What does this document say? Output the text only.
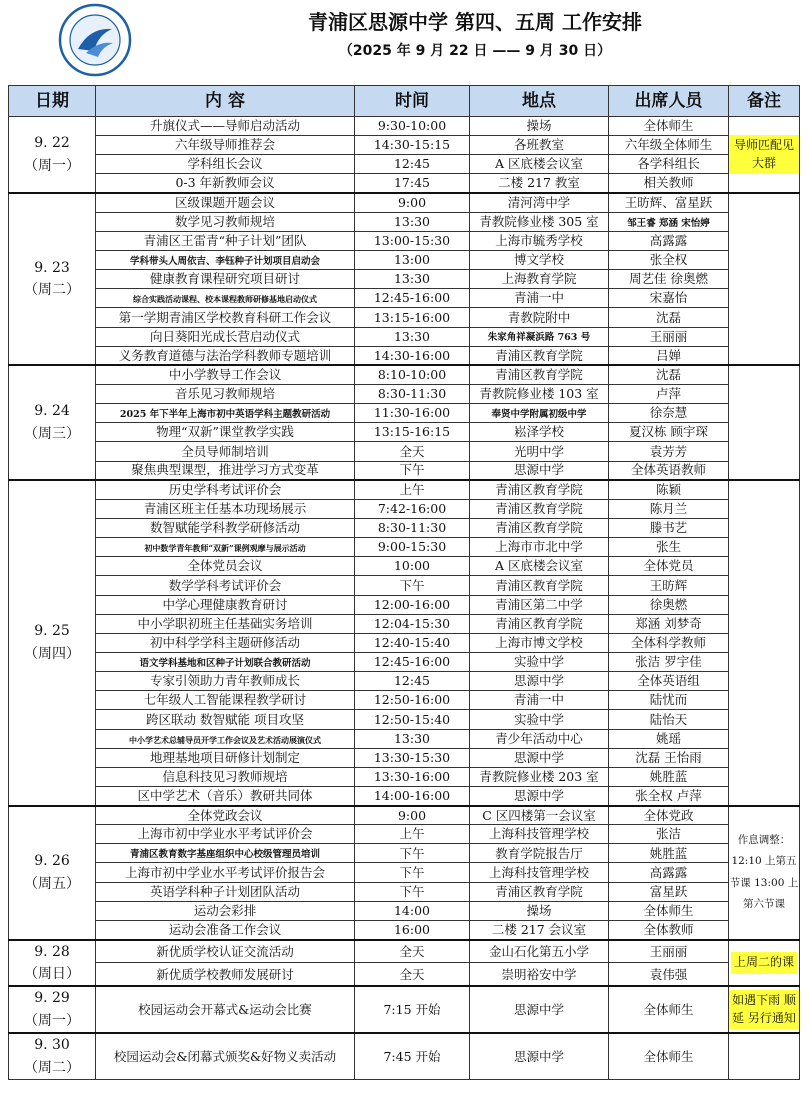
青浦区思源中学 第四、五周 工作安排
（2025 年 9 月 22 日 —— 9 月 30 日）
日期	内 容	时间	地点	出席人员	备注

9. 22
（周一）	升旗仪式——导师启动活动	9:30-10:00	操场	全体师生	导师匹配见大群
	六年级导师推荐会	14:30-15:15	各班教室	六年级全体师生	
	学科组长会议	12:45	A 区底楼会议室	各学科组长	
	0-3 年新教师会议	17:45	二楼 217 教室	相关教师	

9. 23
（周二）	区级课题开题会议	9:00	清河湾中学	王昉辉、富星跃	
	数学见习教师规培	13:30	青教院修业楼 305 室	邹王睿 郑涵 宋怡婷	
	青浦区王雷青“种子计划”团队	13:00-15:30	上海市毓秀学校	高露露	
	学科带头人周依吉、李钰种子计划项目启动会	13:00	博文学校	张全权	
	健康教育课程研究项目研讨	13:30	上海教育学院	周艺佳 徐奥燃	
	综合实践活动课程、校本课程教师研修基地启动仪式	12:45-16:00	青浦一中	宋嘉怡	
	第一学期青浦区学校教育科研工作会议	13:15-16:00	青教院附中	沈磊	
	向日葵阳光成长营启动仪式	13:30	朱家角祥凝浜路 763 号	王丽丽	
	义务教育道德与法治学科教师专题培训	14:30-16:00	青浦区教育学院	吕婵	

9. 24
（周三）	中小学教导工作会议	8:10-10:00	青浦区教育学院	沈磊	
	音乐见习教师规培	8:30-11:30	青教院修业楼 103 室	卢萍	
	2025 年下半年上海市初中英语学科主题教研活动	11:30-16:00	奉贤中学附属初级中学	徐奈慧	
	物理“双新”课堂教学实践	13:15-16:15	崧泽学校	夏汉栋 顾宇琛	
	全员导师制培训	全天	光明中学	袁芳芳	
	聚焦典型课型，推进学习方式变革	下午	思源中学	全体英语教师	

9. 25
（周四）	历史学科考试评价会	上午	青浦区教育学院	陈颖	
	青浦区班主任基本功现场展示	7:42-16:00	青浦区教育学院	陈月兰	
	数智赋能学科教学研修活动	8:30-11:30	青浦区教育学院	滕书艺	
	初中数学青年教师“双新”课例观摩与展示活动	9:00-15:30	上海市市北中学	张生	
	全体党员会议	10:00	A 区底楼会议室	全体党员	
	数学学科考试评价会	下午	青浦区教育学院	王昉辉	
	中学心理健康教育研讨	12:00-16:00	青浦区第二中学	徐奥燃	
	中小学职初班主任基础实务培训	12:04-15:30	青浦区教育学院	郑涵 刘梦奇	
	初中科学学科主题研修活动	12:40-15:40	上海市博文学校	全体科学教师	
	语文学科基地和区种子计划联合教研活动	12:45-16:00	实验中学	张洁 罗宇佳	
	专家引领助力青年教师成长	12:45	思源中学	全体英语组	
	七年级人工智能课程教学研讨	12:50-16:00	青浦一中	陆忧而	
	跨区联动 数智赋能 项目攻坚	12:50-15:40	实验中学	陆怡天	
	中小学艺术总辅导员开学工作会议及艺术活动展演仪式	13:30	青少年活动中心	姚瑶	
	地理基地项目研修计划制定	13:30-15:30	思源中学	沈磊 王怡雨	
	信息科技见习教师规培	13:30-16:00	青教院修业楼 203 室	姚胜蓝	
	区中学艺术（音乐）教研共同体	14:00-16:00	思源中学	张全权 卢萍	

9. 26
（周五）	全体党政会议	9:00	C 区四楼第一会议室	全体党政	作息调整：12:10 上第五节课 13:00 上第六节课
	上海市初中学业水平考试评价会	上午	上海科技管理学校	张洁	
	青浦区教育数字基座组织中心校级管理员培训	下午	教育学院报告厅	姚胜蓝	
	上海市初中学业水平考试评价报告会	下午	上海科技管理学校	高露露	
	英语学科种子计划团队活动	下午	青浦区教育学院	富星跃	
	运动会彩排	14:00	操场	全体师生	
	运动会准备工作会议	16:00	二楼 217 会议室	全体教师	

9. 28
（周日）	新优质学校认证交流活动	全天	金山石化第五小学	王丽丽	上周二的课
	新优质学校教师发展研讨	全天	崇明裕安中学	袁伟强	

9. 29
（周一）	校园运动会开幕式&运动会比赛	7:15 开始	思源中学	全体师生	如遇下雨 顺延 另行通知

9. 30
（周二）	校园运动会&闭幕式颁奖&好物义卖活动	7:45 开始	思源中学	全体师生	
